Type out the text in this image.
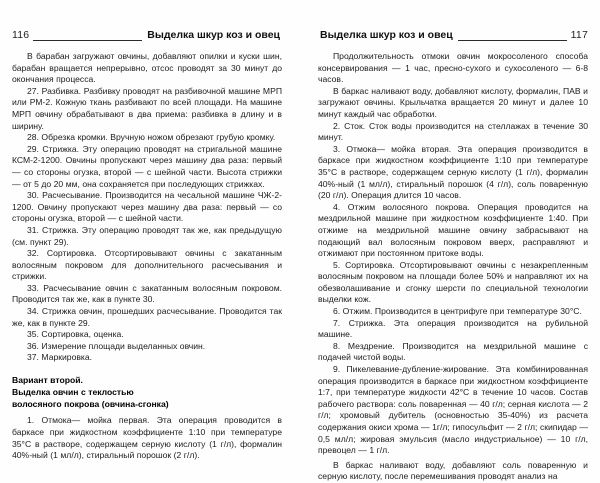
116	Выделка шкур коз и овец

В барабан загружают овчины, добавляют опилки и куски шин, барабан вращается непрерывно, отсос проводят за 30 минут до окончания процесса.

27. Разбивка. Разбивку проводят на разбивочной машине МРП или РМ-2. Кожную ткань разбивают по всей площади. На машине МРП овчину обрабатывают в два приема: разбивка в длину и в ширину.

28. Обрезка кромки. Вручную ножом обрезают грубую кромку.

29. Стрижка. Эту операцию проводят на стригальной машине КСМ-2-1200. Овчины пропускают через машину два раза: первый — со стороны огузка, второй — с шейной части. Высота стрижки — от 5 до 20 мм, она сохраняется при последующих стрижках.

30. Расчесывание. Производится на чесальной машине ЧЖ-2-1200. Овчину пропускают через машину два раза: первый — со стороны огузка, второй — с шейной части.

31. Стрижка. Эту операцию проводят так же, как предыдущую (см. пункт 29).

32. Сортировка. Отсортировывают овчины с закатанным волосяным покровом для дополнительного расчесывания и стрижки.

33. Расчесывание овчин с закатанным волосяным покровом. Проводится так же, как в пункте 30.

34. Стрижка овчин, прошедших расчесывание. Проводится так же, как в пункте 29.

35. Сортировка, оценка.

36. Измерение площади выделанных овчин.

37. Маркировка.

Вариант второй.

Выделка овчин с теклостью

волосяного покрова (овчина-сгонка)

1. Отмока— мойка первая. Эта операция проводится в баркасе при жидкостном коэффициенте 1:10 при температуре 35°С в растворе, содержащем серную кислоту (1 г/л), формалин 40%-ный (1 мл/л), стиральный порошок (2 г/л).

Выделка шкур коз и овец	117

Продолжительность отмоки овчин мокросоленого способа консервирования — 1 час, пресно-сухого и сухосоленого — 6-8 часов.

В баркас наливают воду, добавляют кислоту, формалин, ПАВ и загружают овчины. Крыльчатка вращается 20 минут и далее 10 минут каждый час обработки.

2. Сток. Сток воды производится на стеллажах в течение 30 минут.

3. Отмока— мойка вторая. Эта операция производится в баркасе при жидкостном коэффициенте 1:10 при температуре 35°С в растворе, содержащем серную кислоту (1 г/л), формалин 40%-ный (1 мл/л), стиральный порошок (4 г/л), соль поваренную (20 г/л). Операция длится 10 часов.

4. Отжим волосяного покрова. Операция проводится на мездрильной машине при жидкостном коэффициенте 1:40. При отжиме на мездрильной машине овчину забрасывают на подающий вал волосяным покровом вверх, расправляют и отжимают при постоянном притоке воды.

5. Сортировка. Отсортировывают овчины с незакрепленным волосяным покровом на площади более 50% и направляют их на обезволашивание и сгонку шерсти по специальной технологии выделки кож.

6. Отжим. Производится в центрифуге при температуре 30°С.

7. Стрижка. Эта операция производится на рубильной машине.

8. Мездрение. Производится на мездрильной машине с подачей чистой воды.

9. Пикелевание-дубление-жирование. Эта комбинированная операция производится в баркасе при жидкостном коэффициенте 1:7, при температуре жидкости 42°С в течение 10 часов. Состав рабочего раствора: соль поваренная — 40 г/л; серная кислота — 2 г/л; хромовый дубитель (основностью 35-40%) из расчета содержания окиси хрома — 1г/л; гипосульфит — 2 г/л; скипидар — 0,5 мл/л; жировая эмульсия (масло индустриальное) — 10 г/л, превоцел — 1 г/л.

В баркас наливают воду, добавляют соль поваренную и серную кислоту, после перемешивания проводят анализ на
